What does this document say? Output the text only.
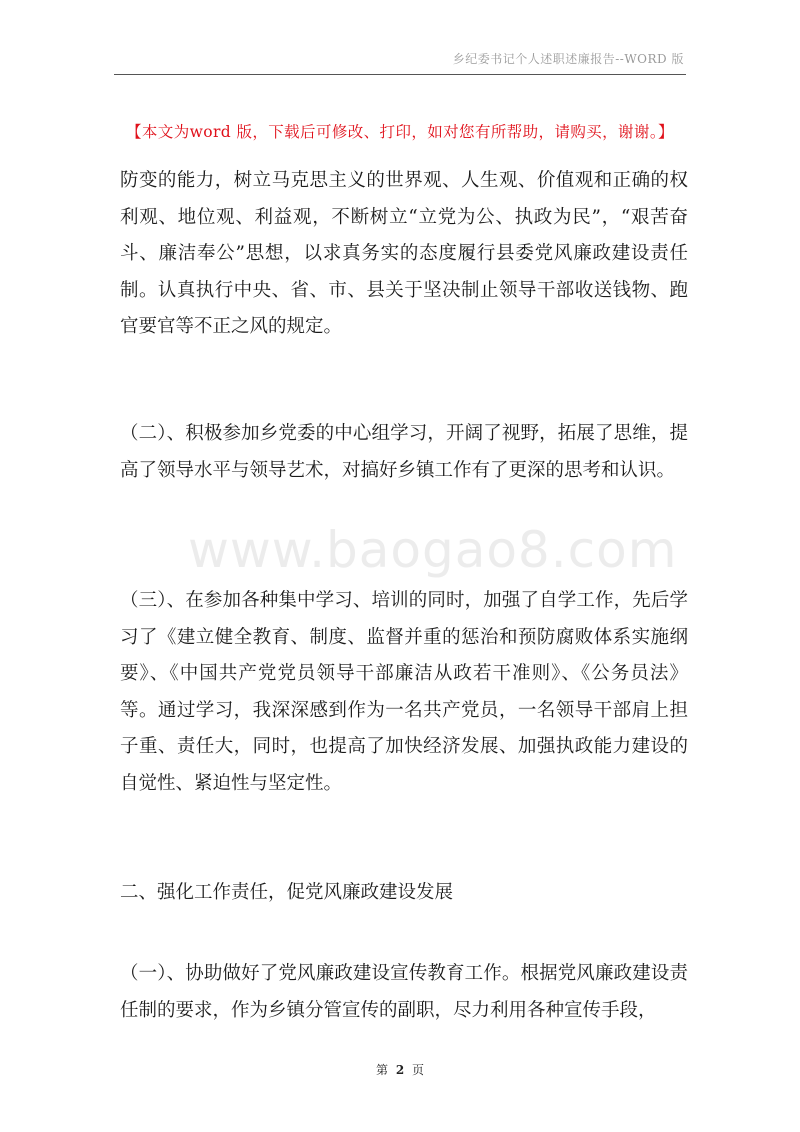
乡纪委书记个人述职述廉报告--WORD 版
【本文为word 版，下载后可修改、打印，如对您有所帮助，请购买，谢谢。】
www.baogao8.com
防变的能力，树立马克思主义的世界观、人生观、价值观和正确的权利观、地位观、利益观，不断树立“立党为公、执政为民”，“艰苦奋斗、廉洁奉公”思想，以求真务实的态度履行县委党风廉政建设责任制。认真执行中央、省、市、县关于坚决制止领导干部收送钱物、跑官要官等不正之风的规定。
（二）、积极参加乡党委的中心组学习，开阔了视野，拓展了思维，提高了领导水平与领导艺术，对搞好乡镇工作有了更深的思考和认识。
（三）、在参加各种集中学习、培训的同时，加强了自学工作，先后学习了《建立健全教育、制度、监督并重的惩治和预防腐败体系实施纲要》、《中国共产党党员领导干部廉洁从政若干准则》、《公务员法》等。通过学习，我深深感到作为一名共产党员，一名领导干部肩上担子重、责任大，同时，也提高了加快经济发展、加强执政能力建设的自觉性、紧迫性与坚定性。
二、强化工作责任，促党风廉政建设发展
（一）、协助做好了党风廉政建设宣传教育工作。根据党风廉政建设责任制的要求，作为乡镇分管宣传的副职，尽力利用各种宣传手段，
第 2 页
